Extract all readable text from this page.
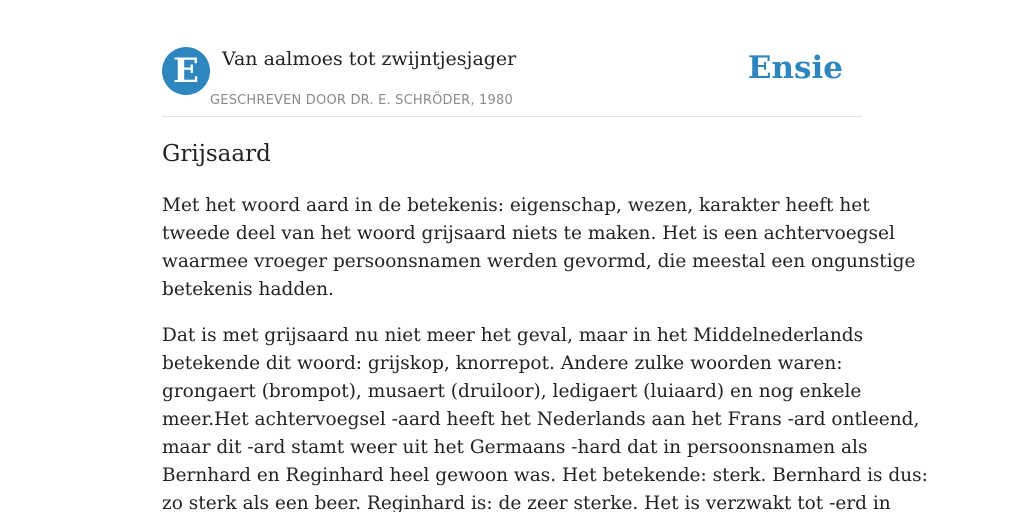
E	Van aalmoes tot zwijntjesjager
GESCHREVEN DOOR DR. E. SCHRÖDER, 1980
Ensie
Grijsaard

Met het woord aard in de betekenis: eigenschap, wezen, karakter heeft het
tweede deel van het woord grijsaard niets te maken. Het is een achtervoegsel
waarmee vroeger persoonsnamen werden gevormd, die meestal een ongunstige
betekenis hadden.

Dat is met grijsaard nu niet meer het geval, maar in het Middelnederlands
betekende dit woord: grijskop, knorrepot. Andere zulke woorden waren:
grongaert (brompot), musaert (druiloor), ledigaert (luiaard) en nog enkele
meer.Het achtervoegsel -aard heeft het Nederlands aan het Frans -ard ontleend,
maar dit -ard stamt weer uit het Germaans -hard dat in persoonsnamen als
Bernhard en Reginhard heel gewoon was. Het betekende: sterk. Bernhard is dus:
zo sterk als een beer. Reginhard is: de zeer sterke. Het is verzwakt tot -erd in
